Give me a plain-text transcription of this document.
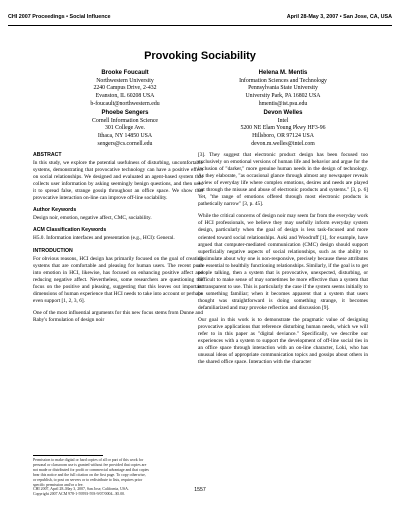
CHI 2007 Proceedings • Social Influence	April 28-May 3, 2007 • San Jose, CA, USA
Provoking Sociability
Brooke Foucault
Northwestern University
2240 Campus Drive, 2-432
Evanston, IL 60208 USA
b-foucault@northwestern.edu
Helena M. Mentis
Information Sciences and Technology
Pennsylvania State University
University Park, PA 16802 USA
hmentis@ist.psu.edu
Phoebe Sengers
Cornell Information Science
301 College Ave.
Ithaca, NY 14850 USA
sengers@cs.cornell.edu
Devon Welles
Intel
5200 NE Elam Young Pkwy HF3-96
Hillsboro, OR 97124 USA
devon.m.welles@intel.com
ABSTRACT

In this study, we explore the potential usefulness of disturbing, uncomfortable systems, demonstrating that provocative technology can have a positive effect on social relationships. We designed and evaluated an agent-based system that collects user information by asking seemingly benign questions, and then uses it to spread false, strange gossip throughout an office space. We show that provocative interaction on-line can improve off-line sociability.

Author Keywords

Design noir, emotion, negative affect, CMC, sociability.

ACM Classification Keywords

H5.0. Information interfaces and presentation (e.g., HCI): General.

INTRODUCTION

For obvious reasons, HCI design has primarily focused on the goal of creating systems that are comfortable and pleasing for human users. The recent push into emotion in HCI, likewise, has focused on enhancing positive affect and reducing negative affect. Nevertheless, some researchers are questioning the focus on the positive and pleasing, suggesting that this leaves out important dimensions of human experience that HCI needs to take into account or perhaps even support [1, 2, 3, 6].

One of the most influential arguments for this new focus stems from Dunne and Raby's formulation of design noir

Permission to make digital or hard copies of all or part of this work for
personal or classroom use is granted without fee provided that copies are
not made or distributed for profit or commercial advantage and that copies
bear this notice and the full citation on the first page. To copy otherwise,
or republish, to post on servers or to redistribute to lists, requires prior
specific permission and/or a fee.
CHI 2007, April 28–May 3, 2007, San Jose, California, USA.
Copyright 2007 ACM 978-1-59593-593-9/07/0004...$5.00.

[3]. They suggest that electronic product design has been focused too exclusively on emotional versions of human life and behavior and argue for the inclusion of "darker," more genuine human needs in the design of technology. As they elaborate, "as occasional glance through almost any newspaper reveals a view of everyday life where complex emotions, desires and needs are played out through the misuse and abuse of electronic products and systems." [3, p. 6] Yet, "the range of emotions offered through most electronic products is pathetically narrow" [3, p. 45].

While the critical concerns of design noir may seem far from the everyday work of HCI professionals, we believe they may usefully inform everyday system design, particularly when the goal of design is less task-focused and more oriented toward social relationships. Aoki and Woodruff [1], for example, have argued that computer-mediated communication (CMC) design should support superficially negative aspects of social relationships, such as the ability to dissimulate about why one is non-responsive, precisely because these attributes are essential to healthily functioning relationships. Similarly, if the goal is to get people talking, then a system that is provocative, unexpected, disturbing, or difficult to make sense of may sometimes be more effective than a system that is transparent to use. This is particularly the case if the system seems initially to be something familiar; when it becomes apparent that a system that users thought was straightforward is doing something strange, it becomes defamiliarized and may provoke reflection and discussion [9].

Our goal in this work is to demonstrate the pragmatic value of designing provocative applications that reference disturbing human needs, which we will refer to in this paper as "digital deviance." Specifically, we describe our experiences with a system to support the development of off-line social ties in an office space through interaction with an on-line character, Loki, who has unusual ideas of appropriate communication topics and gossips about others in the shared office space. Interaction with the character

1557
